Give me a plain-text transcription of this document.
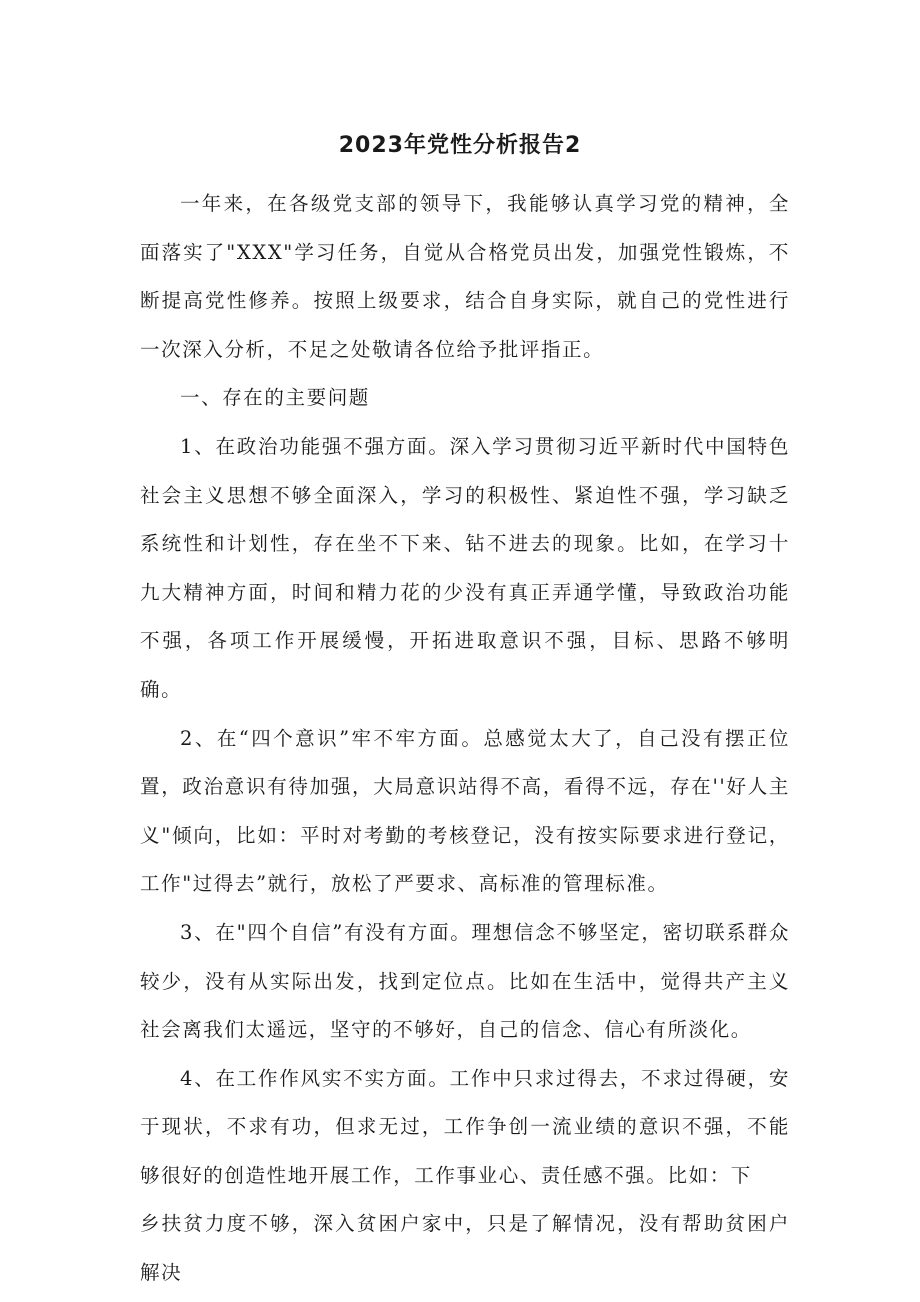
2023年党性分析报告2

一年来，在各级党支部的领导下，我能够认真学习党的精神，全面落实了"XXX"学习任务，自觉从合格党员出发，加强党性锻炼，不断提高党性修养。按照上级要求，结合自身实际，就自己的党性进行一次深入分析，不足之处敬请各位给予批评指正。

一、存在的主要问题

1、在政治功能强不强方面。深入学习贯彻习近平新时代中国特色社会主义思想不够全面深入，学习的积极性、紧迫性不强，学习缺乏系统性和计划性，存在坐不下来、钻不进去的现象。比如，在学习十九大精神方面，时间和精力花的少没有真正弄通学懂，导致政治功能不强，各项工作开展缓慢，开拓进取意识不强，目标、思路不够明确。

2、在“四个意识”牢不牢方面。总感觉太大了，自己没有摆正位置，政治意识有待加强，大局意识站得不高，看得不远，存在''好人主义"倾向，比如：平时对考勤的考核登记，没有按实际要求进行登记，工作"过得去”就行，放松了严要求、高标准的管理标准。

3、在"四个自信”有没有方面。理想信念不够坚定，密切联系群众较少，没有从实际出发，找到定位点。比如在生活中，觉得共产主义社会离我们太遥远，坚守的不够好，自己的信念、信心有所淡化。

4、在工作作风实不实方面。工作中只求过得去，不求过得硬，安于现状，不求有功，但求无过，工作争创一流业绩的意识不强，不能够很好的创造性地开展工作，工作事业心、责任感不强。比如：下

乡扶贫力度不够，深入贫困户家中，只是了解情况，没有帮助贫困户解决
